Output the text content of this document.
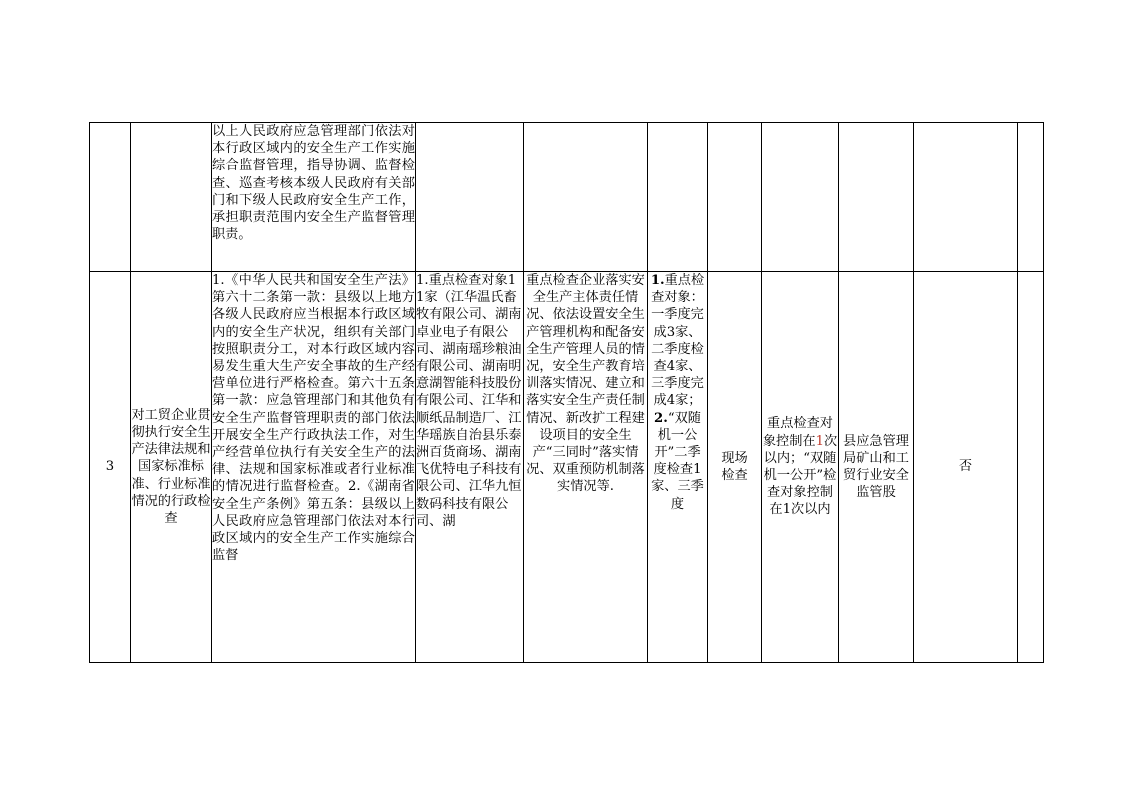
		以上人民政府应急管理部门依法对本行政区域内的安全生产工作实施综合监督管理，指导协调、监督检查、巡查考核本级人民政府有关部门和下级人民政府安全生产工作，承担职责范围内安全生产监督管理职责。								
3	对工贸企业贯彻执行安全生产法律法规和国家标准标准、行业标准情况的行政检查	1.《中华人民共和国安全生产法》第六十二条第一款：县级以上地方各级人民政府应当根据本行政区域内的安全生产状况，组织有关部门按照职责分工，对本行政区域内容易发生重大生产安全事故的生产经营单位进行严格检查。第六十五条第一款：应急管理部门和其他负有安全生产监督管理职责的部门依法开展安全生产行政执法工作，对生产经营单位执行有关安全生产的法律、法规和国家标准或者行业标准的情况进行监督检查。2.《湖南省安全生产条例》第五条：县级以上人民政府应急管理部门依法对本行政区域内的安全生产工作实施综合监督	1.重点检查对象11家（江华温氏畜牧有限公司、湖南卓业电子有限公司、湖南瑶珍粮油有限公司、湖南明意湖智能科技股份有限公司、江华和顺纸品制造厂、江华瑶族自治县乐泰洲百货商场、湖南飞优特电子科技有限公司、江华九恒数码科技有限公司、湖	重点检查企业落实安全生产主体责任情况、依法设置安全生产管理机构和配备安全生产管理人员的情况，安全生产教育培训落实情况、建立和落实安全生产责任制情况、新改扩工程建设项目的安全生产“三同时”落实情况、双重预防机制落实情况等.	1.重点检查对象：一季度完成3家、二季度检查4家、三季度完成4家；2.“双随机一公开”二季度检查1家、三季度	现场检查	重点检查对象控制在1次以内；“双随机一公开”检查对象控制在1次以内	县应急管理局矿山和工贸行业安全监管股	否	
